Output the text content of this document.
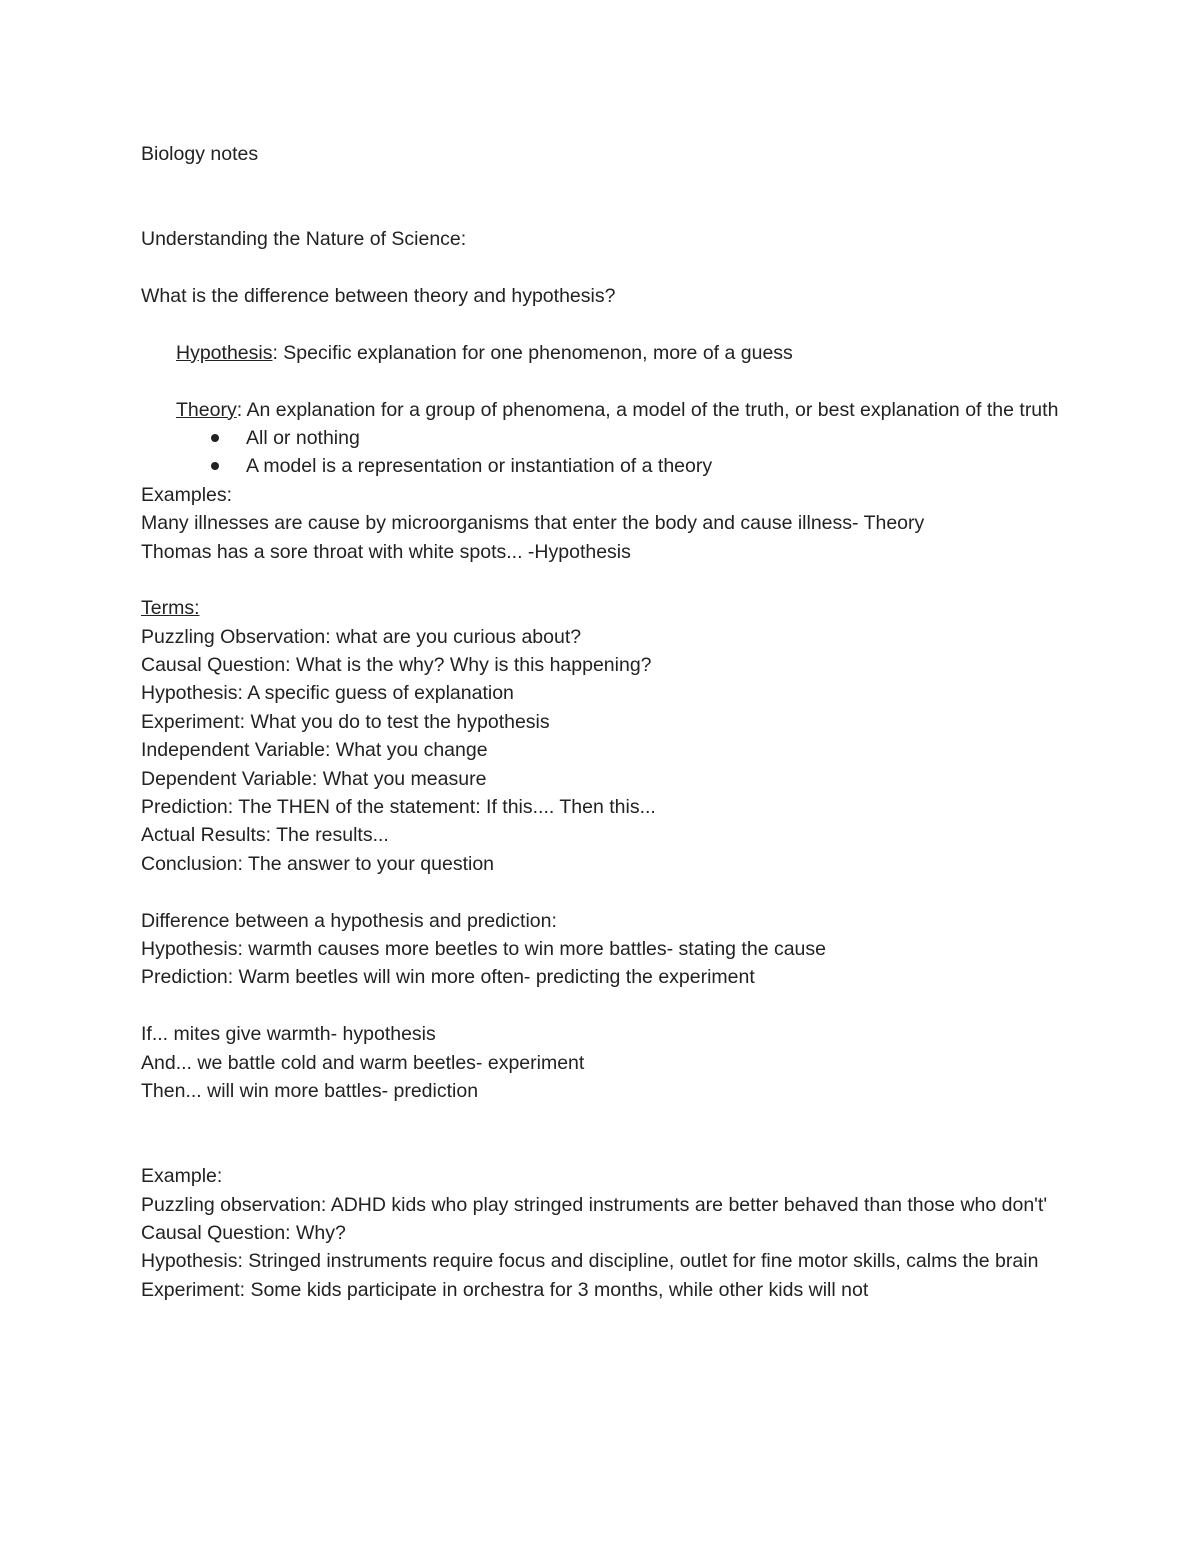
Biology notes
Understanding the Nature of Science:
What is the difference between theory and hypothesis?
Hypothesis: Specific explanation for one phenomenon, more of a guess
Theory: An explanation for a group of phenomena, a model of the truth, or best explanation of the truth
All or nothing
A model is a representation or instantiation of a theory
Examples:
Many illnesses are cause by microorganisms that enter the body and cause illness- Theory
Thomas has a sore throat with white spots... -Hypothesis
Terms:
Puzzling Observation: what are you curious about?
Causal Question: What is the why? Why is this happening?
Hypothesis: A specific guess of explanation
Experiment: What you do to test the hypothesis
Independent Variable: What you change
Dependent Variable: What you measure
Prediction: The THEN of the statement: If this.... Then this...
Actual Results: The results...
Conclusion: The answer to your question
Difference between a hypothesis and prediction:
Hypothesis: warmth causes more beetles to win more battles- stating the cause
Prediction: Warm beetles will win more often- predicting the experiment
If... mites give warmth- hypothesis
And... we battle cold and warm beetles- experiment
Then... will win more battles- prediction
Example:
Puzzling observation: ADHD kids who play stringed instruments are better behaved than those who don't'
Causal Question: Why?
Hypothesis: Stringed instruments require focus and discipline, outlet for fine motor skills, calms the brain
Experiment: Some kids participate in orchestra for 3 months, while other kids will not
